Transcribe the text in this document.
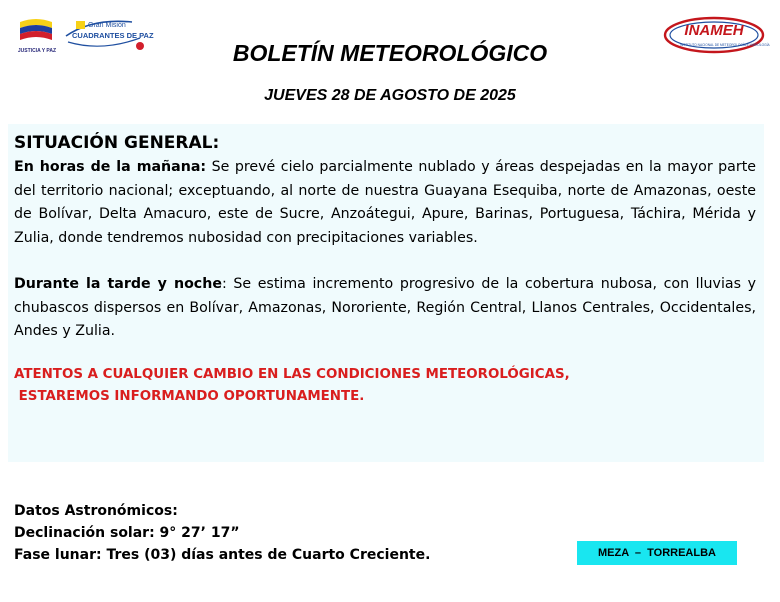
JUSTICIA Y PAZ
Gran Misión
CUADRANTES DE PAZ	INAMEH
INSTITUTO NACIONAL DE METEOROLOGÍA E HIDROLOGÍA
BOLETÍN METEOROLÓGICO
JUEVES 28 DE AGOSTO DE 2025
SITUACIÓN GENERAL:

En horas de la mañana: Se prevé cielo parcialmente nublado y áreas despejadas en la mayor parte del territorio nacional; exceptuando, al norte de nuestra Guayana Esequiba, norte de Amazonas, oeste de Bolívar, Delta Amacuro, este de Sucre, Anzoátegui, Apure, Barinas, Portuguesa, Táchira, Mérida y Zulia, donde tendremos nubosidad con precipitaciones variables.

Durante la tarde y noche: Se estima incremento progresivo de la cobertura nubosa, con lluvias y chubascos dispersos en Bolívar, Amazonas, Nororiente, Región Central, Llanos Centrales, Occidentales, Andes y Zulia.

ATENTOS A CUALQUIER CAMBIO EN LAS CONDICIONES METEOROLÓGICAS,

ESTAREMOS INFORMANDO OPORTUNAMENTE.

Datos Astronómicos:
Declinación solar: 9° 27’ 17”
Fase lunar: Tres (03) días antes de Cuarto Creciente.	MEZA  –  TORREALBA
